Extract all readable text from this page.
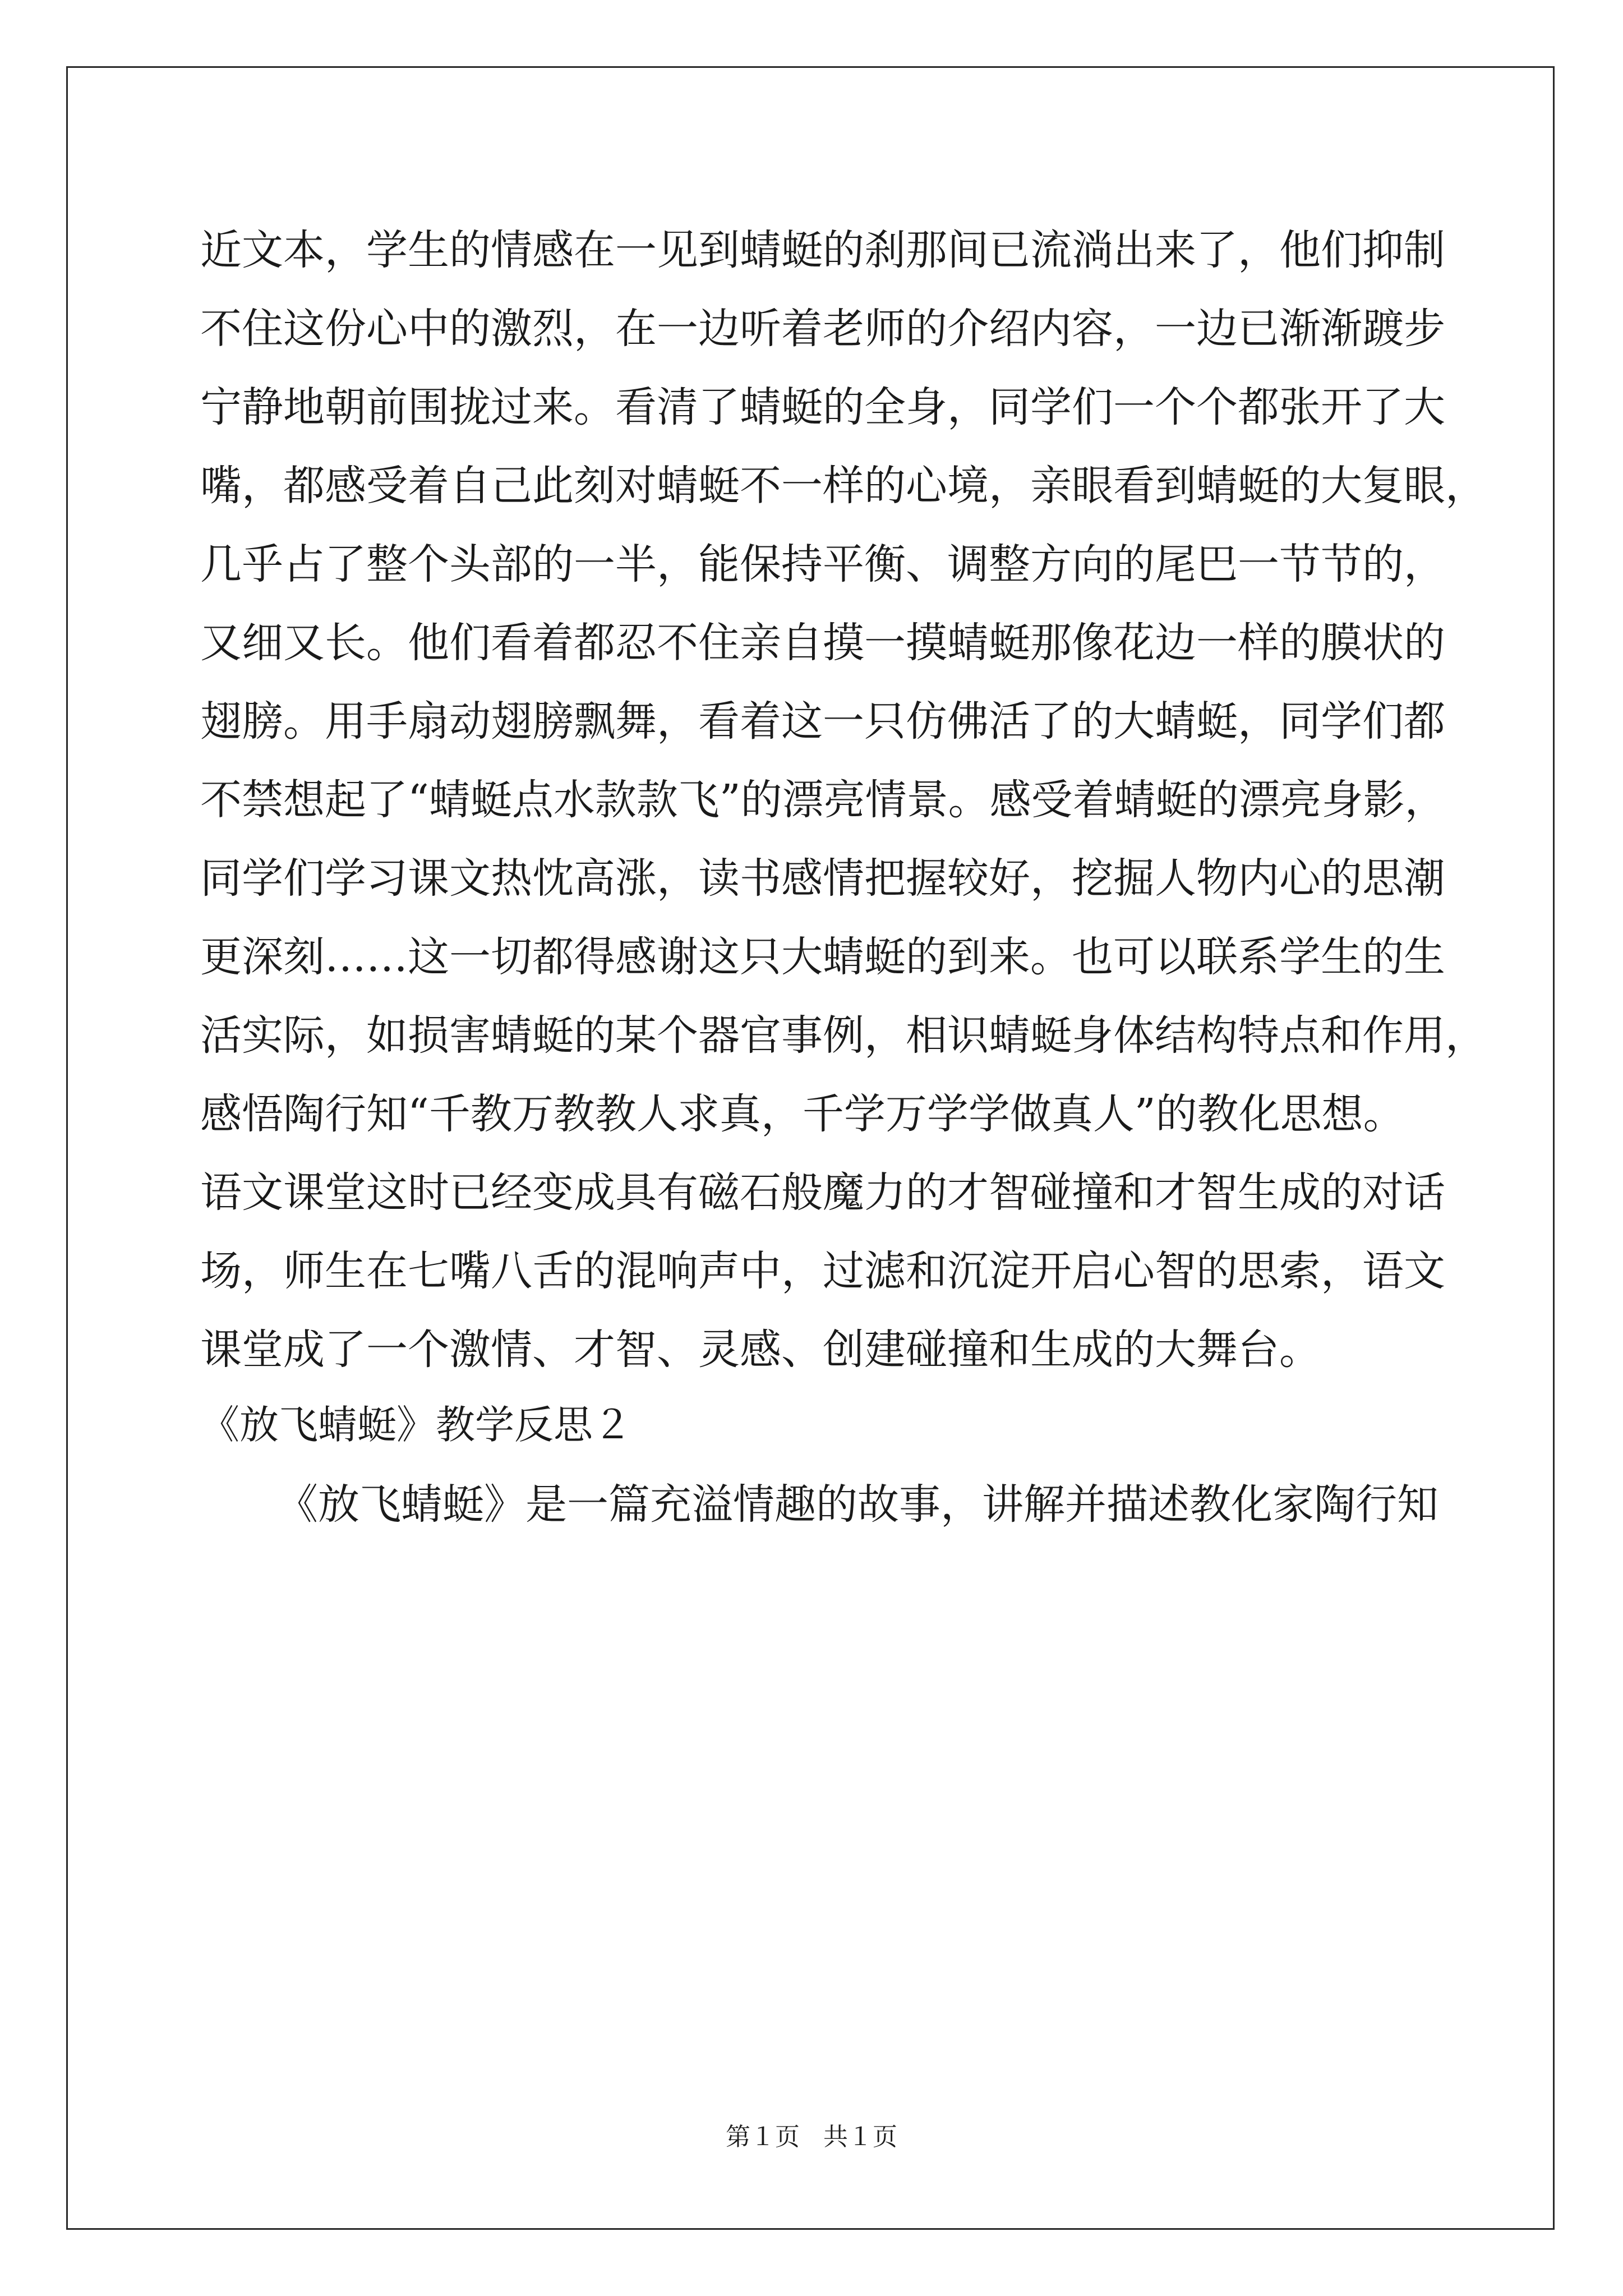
近文本，学生的情感在一见到蜻蜓的刹那间已流淌出来了，他们抑制
不住这份心中的激烈，在一边听着老师的介绍内容，一边已渐渐踱步
宁静地朝前围拢过来。看清了蜻蜓的全身，同学们一个个都张开了大
嘴，都感受着自己此刻对蜻蜓不一样的心境，亲眼看到蜻蜓的大复眼，
几乎占了整个头部的一半，能保持平衡、调整方向的尾巴一节节的，
又细又长。他们看着都忍不住亲自摸一摸蜻蜓那像花边一样的膜状的
翅膀。用手扇动翅膀飘舞，看着这一只仿佛活了的大蜻蜓，同学们都
不禁想起了“蜻蜓点水款款飞”的漂亮情景。感受着蜻蜓的漂亮身影，
同学们学习课文热忱高涨，读书感情把握较好，挖掘人物内心的思潮
更深刻……这一切都得感谢这只大蜻蜓的到来。也可以联系学生的生
活实际，如损害蜻蜓的某个器官事例，相识蜻蜓身体结构特点和作用，
感悟陶行知“千教万教教人求真，千学万学学做真人”的教化思想。
语文课堂这时已经变成具有磁石般魔力的才智碰撞和才智生成的对话
场，师生在七嘴八舌的混响声中，过滤和沉淀开启心智的思索，语文
课堂成了一个激情、才智、灵感、创建碰撞和生成的大舞台。
《放飞蜻蜓》教学反思２
《放飞蜻蜓》是一篇充溢情趣的故事，讲解并描述教化家陶行知
第１页 共１页
